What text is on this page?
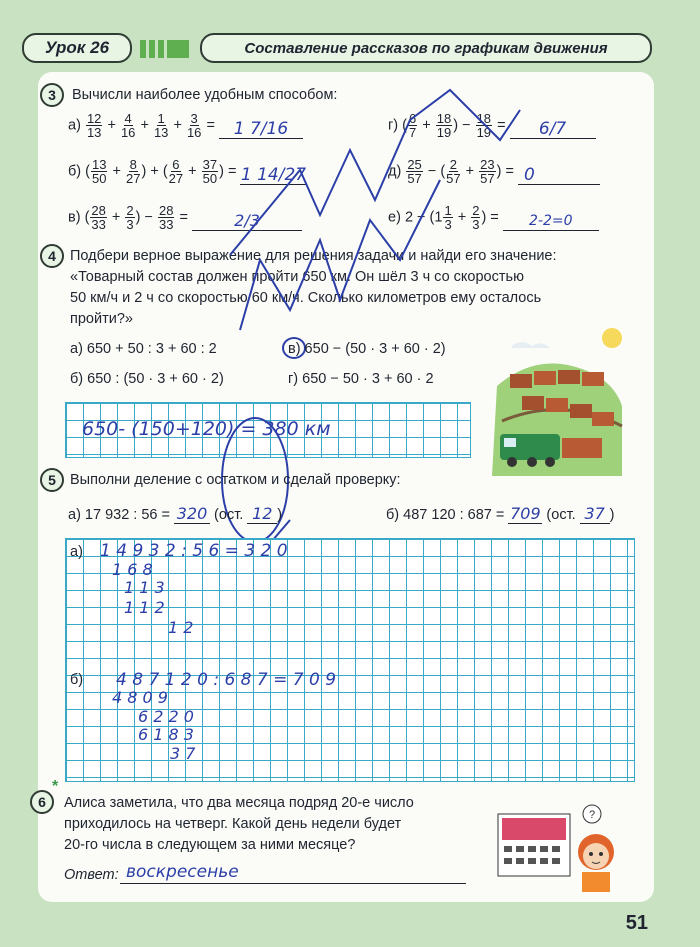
Урок 26	Составление рассказов по графикам движения
3	Вычисли наиболее удобным способом:
$а) \frac{12}{13} + \frac{4}{16} + \frac{1}{13} + \frac{3}{16} = 1$ 7/16	г) ( $\frac{6}{7} + \frac{18}{19}$ ) − $\frac{18}{19} = 6/7$
б) ( $\frac{13}{50} + \frac{8}{27}$ ) + ( $\frac{6}{27} + \frac{37}{50}$ ) = 1 14/27	$д) \frac{25}{57}$ − ( $\frac{2}{57} + \frac{23}{57}$ ) = 0
в) ( $\frac{28}{33} + \frac{2}{3}$ ) − $\frac{28}{33}$ =	2/3	е) $2 - (1 \frac{1}{3} + \frac{2}{3}$ ) = 2-2=0
4 Подбери верное выражение для решения задачи и найди его значение:
«Товарный состав должен пройти 650 км. Он шёл 3 ч со скоростью
50 км/ч и 2 ч со скоростью 60 км/ч. Сколько километров ему осталось
пройти?»
а) 650 + 50 : 3 + 60 : 2	в) 650 − (50 · 3 + 60 · 2)
б) 650 : (50 · 3 + 60 · 2)	г) 650 − 50 · 3 + 60 · 2
650- (150+120) = 380 км
5 Выполни деление с остатком и сделай проверку:
а) 17 932 : 56 = 320 (ост. 12 )	б) 487 120 : 687 = 709 (ост. 37 )
а)
б)
1 4 9 3 2 : 5 6 = 3 2 0
1 6 8
1 1 3
1 1 2
1 2
4 8 7 1 2 0 : 6 8 7 = 7 0 9
4 8 0 9
6 2 2 0
6 1 8 3
3 7
6
*
Алиса заметила, что два месяца подряд 20-е число
приходилось на четверг. Какой день недели будет
20-го числа в следующем за ними месяце?
Ответ: воскресенье
?
51
